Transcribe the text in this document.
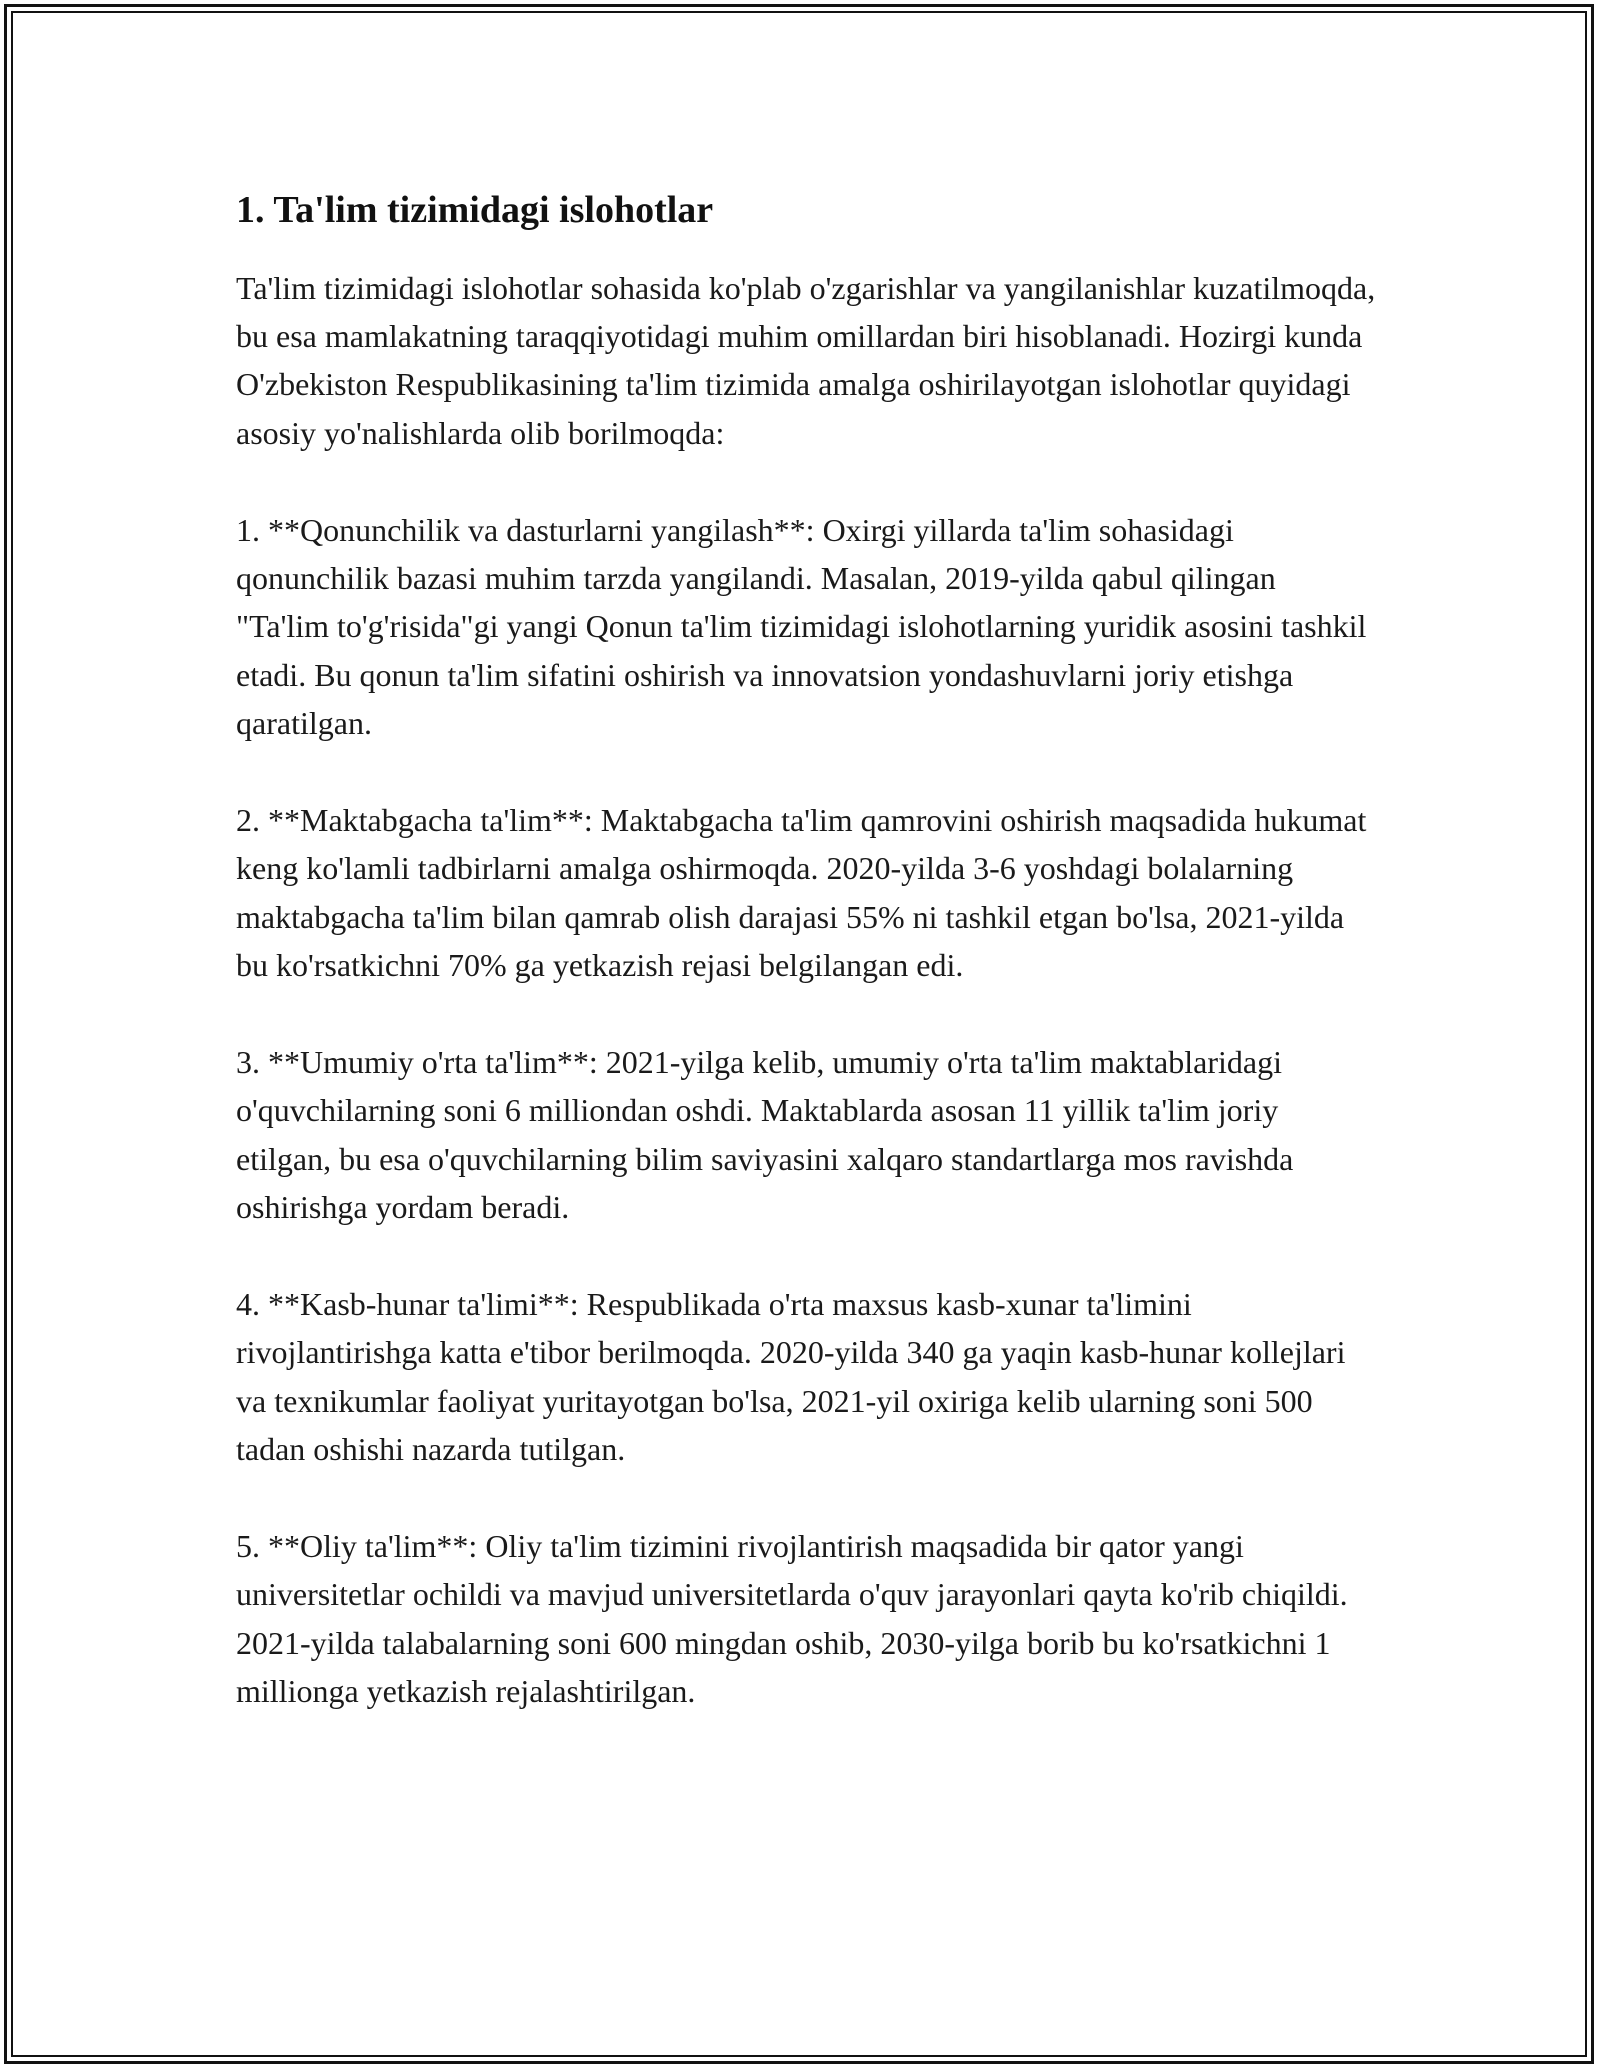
1. Ta'lim tizimidagi islohotlar

Ta'lim tizimidagi islohotlar sohasida ko'plab o'zgarishlar va yangilanishlar kuzatilmoqda, bu esa mamlakatning taraqqiyotidagi muhim omillardan biri hisoblanadi. Hozirgi kunda O'zbekiston Respublikasining ta'lim tizimida amalga oshirilayotgan islohotlar quyidagi asosiy yo'nalishlarda olib borilmoqda:

1. **Qonunchilik va dasturlarni yangilash**: Oxirgi yillarda ta'lim sohasidagi qonunchilik bazasi muhim tarzda yangilandi. Masalan, 2019-yilda qabul qilingan "Ta'lim to'g'risida"gi yangi Qonun ta'lim tizimidagi islohotlarning yuridik asosini tashkil etadi. Bu qonun ta'lim sifatini oshirish va innovatsion yondashuvlarni joriy etishga qaratilgan.

2. **Maktabgacha ta'lim**: Maktabgacha ta'lim qamrovini oshirish maqsadida hukumat keng ko'lamli tadbirlarni amalga oshirmoqda. 2020-yilda 3-6 yoshdagi bolalarning maktabgacha ta'lim bilan qamrab olish darajasi 55% ni tashkil etgan bo'lsa, 2021-yilda bu ko'rsatkichni 70% ga yetkazish rejasi belgilangan edi.

3. **Umumiy o'rta ta'lim**: 2021-yilga kelib, umumiy o'rta ta'lim maktablaridagi o'quvchilarning soni 6 milliondan oshdi. Maktablarda asosan 11 yillik ta'lim joriy etilgan, bu esa o'quvchilarning bilim saviyasini xalqaro standartlarga mos ravishda oshirishga yordam beradi.

4. **Kasb-hunar ta'limi**: Respublikada o'rta maxsus kasb-xunar ta'limini rivojlantirishga katta e'tibor berilmoqda. 2020-yilda 340 ga yaqin kasb-hunar kollejlari va texnikumlar faoliyat yuritayotgan bo'lsa, 2021-yil oxiriga kelib ularning soni 500 tadan oshishi nazarda tutilgan.

5. **Oliy ta'lim**: Oliy ta'lim tizimini rivojlantirish maqsadida bir qator yangi universitetlar ochildi va mavjud universitetlarda o'quv jarayonlari qayta ko'rib chiqildi. 2021-yilda talabalarning soni 600 mingdan oshib, 2030-yilga borib bu ko'rsatkichni 1 millionga yetkazish rejalashtirilgan.
